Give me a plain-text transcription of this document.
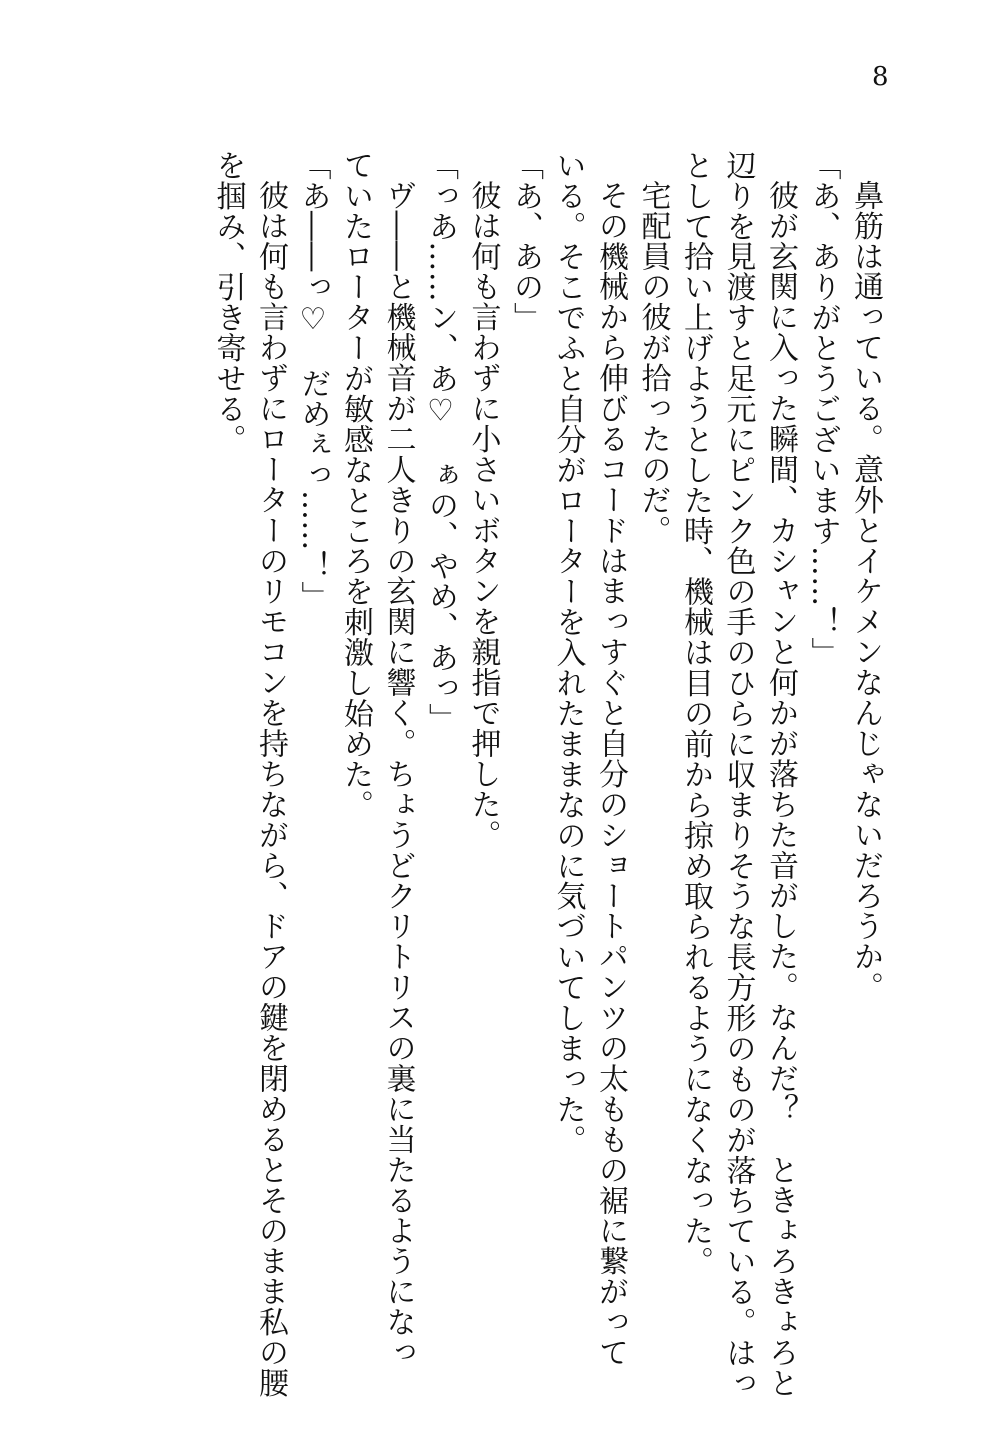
8

鼻筋は通っている。意外とイケメンなんじゃないだろうか。

「あ、ありがとうございます……！」

彼が玄関に入った瞬間、カシャンと何かが落ちた音がした。なんだ？　ときょろきょろと

辺りを見渡すと足元にピンク色の手のひらに収まりそうな長方形のものが落ちている。はっ

として拾い上げようとした時、機械は目の前から掠め取られるようになくなった。

宅配員の彼が拾ったのだ。

その機械から伸びるコードはまっすぐと自分のショートパンツの太ももの裾に繋がって

いる。そこでふと自分がローターを入れたままなのに気づいてしまった。

「あ、あの」

彼は何も言わずに小さいボタンを親指で押した。

「っあ……ン、あ♡　ぁの、やめ、あっ」

ヴ――と機械音が二人きりの玄関に響く。ちょうどクリトリスの裏に当たるようになっ

ていたローターが敏感なところを刺激し始めた。

「あ――っ♡　だめぇっ……！」

彼は何も言わずにローターのリモコンを持ちながら、ドアの鍵を閉めるとそのまま私の腰

を掴み、引き寄せる。
